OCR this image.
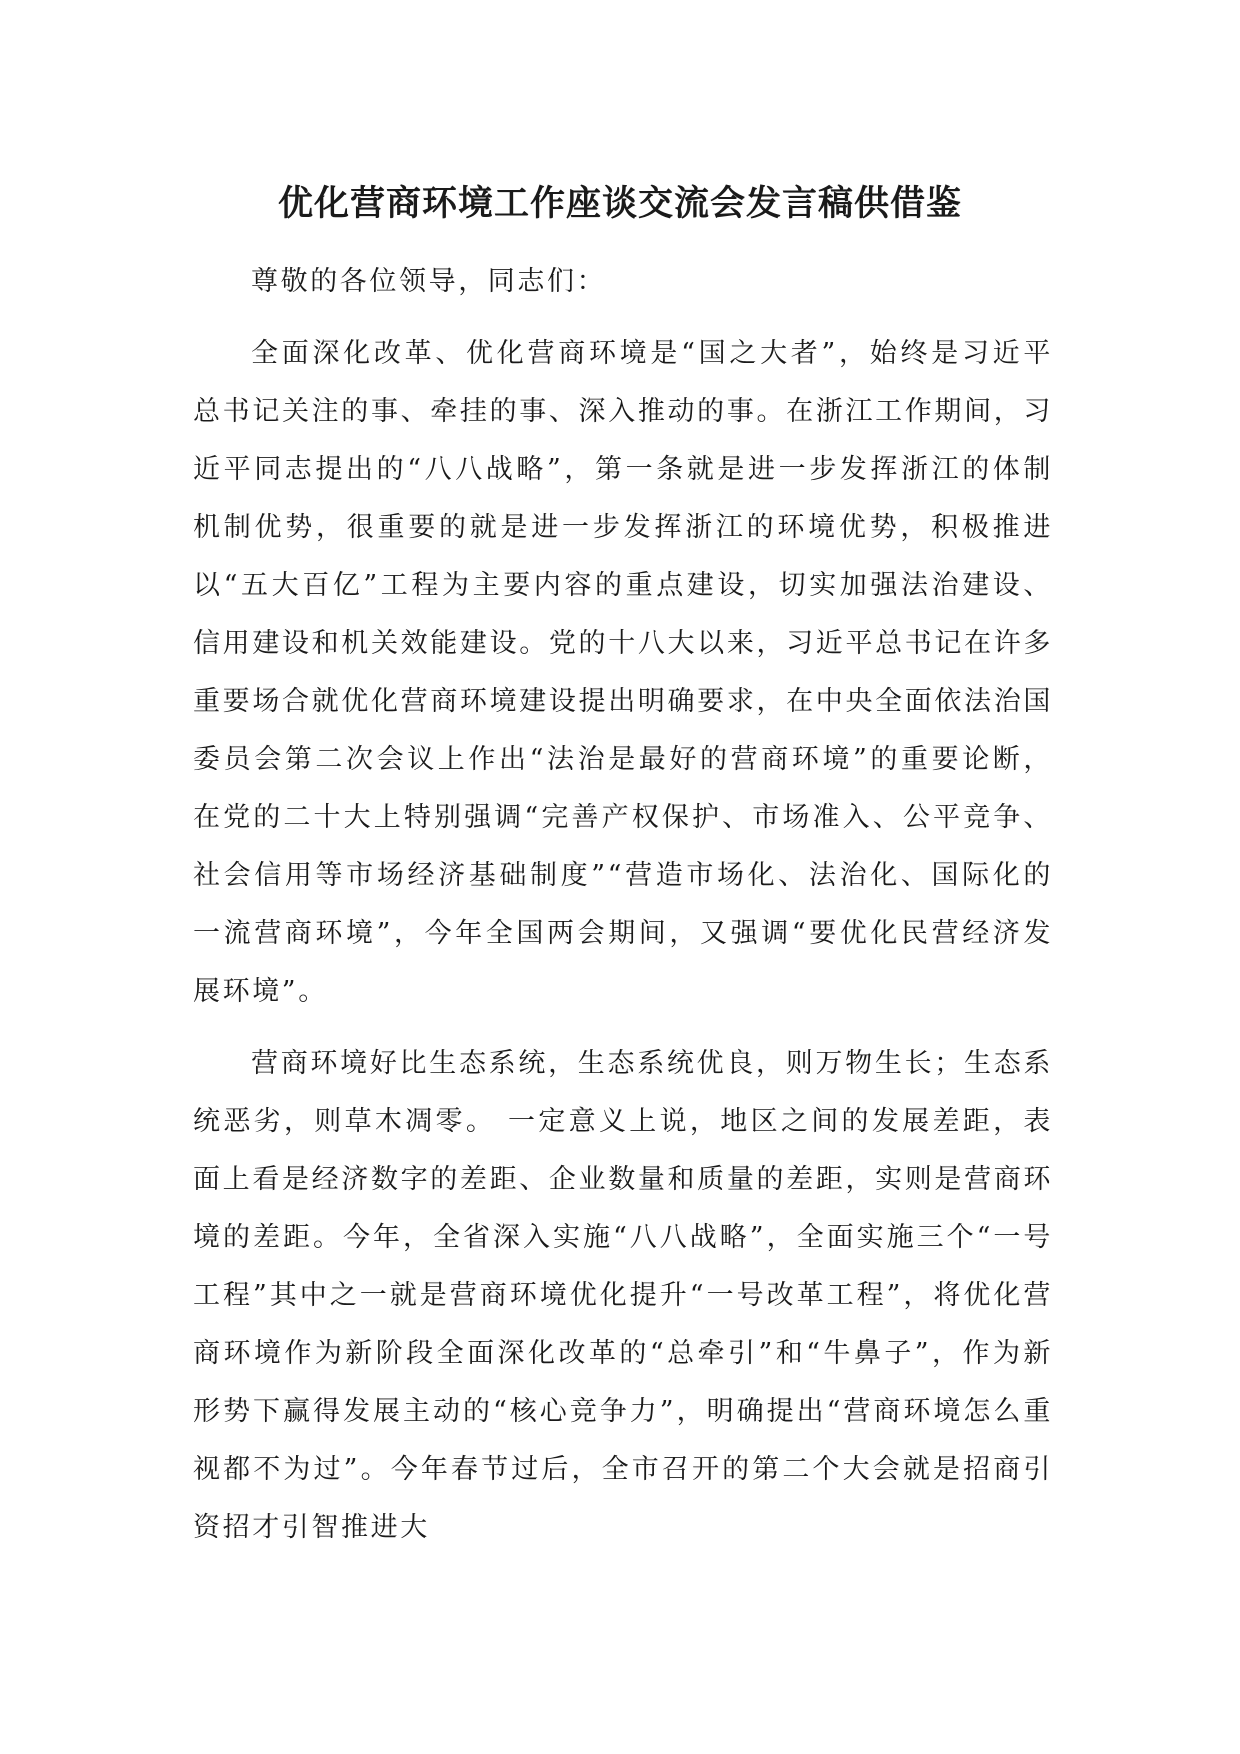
优化营商环境工作座谈交流会发言稿供借鉴

尊敬的各位领导，同志们：

全面深化改革、优化营商环境是“国之大者”，始终是习近平总书记关注的事、牵挂的事、深入推动的事。在浙江工作期间，习近平同志提出的“八八战略”，第一条就是进一步发挥浙江的体制机制优势，很重要的就是进一步发挥浙江的环境优势，积极推进以“五大百亿”工程为主要内容的重点建设，切实加强法治建设、信用建设和机关效能建设。党的十八大以来，习近平总书记在许多重要场合就优化营商环境建设提出明确要求，在中央全面依法治国委员会第二次会议上作出“法治是最好的营商环境”的重要论断，在党的二十大上特别强调“完善产权保护、市场准入、公平竞争、社会信用等市场经济基础制度”“营造市场化、法治化、国际化的一流营商环境”，今年全国两会期间，又强调“要优化民营经济发展环境”。

营商环境好比生态系统，生态系统优良，则万物生长；生态系统恶劣，则草木凋零。 一定意义上说，地区之间的发展差距，表面上看是经济数字的差距、企业数量和质量的差距，实则是营商环境的差距。今年，全省深入实施“八八战略”，全面实施三个“一号工程”其中之一就是营商环境优化提升“一号改革工程”，将优化营商环境作为新阶段全面深化改革的“总牵引”和“牛鼻子”，作为新形势下赢得发展主动的“核心竞争力”，明确提出“营商环境怎么重视都不为过”。今年春节过后，全市召开的第二个大会就是招商引资招才引智推进大
